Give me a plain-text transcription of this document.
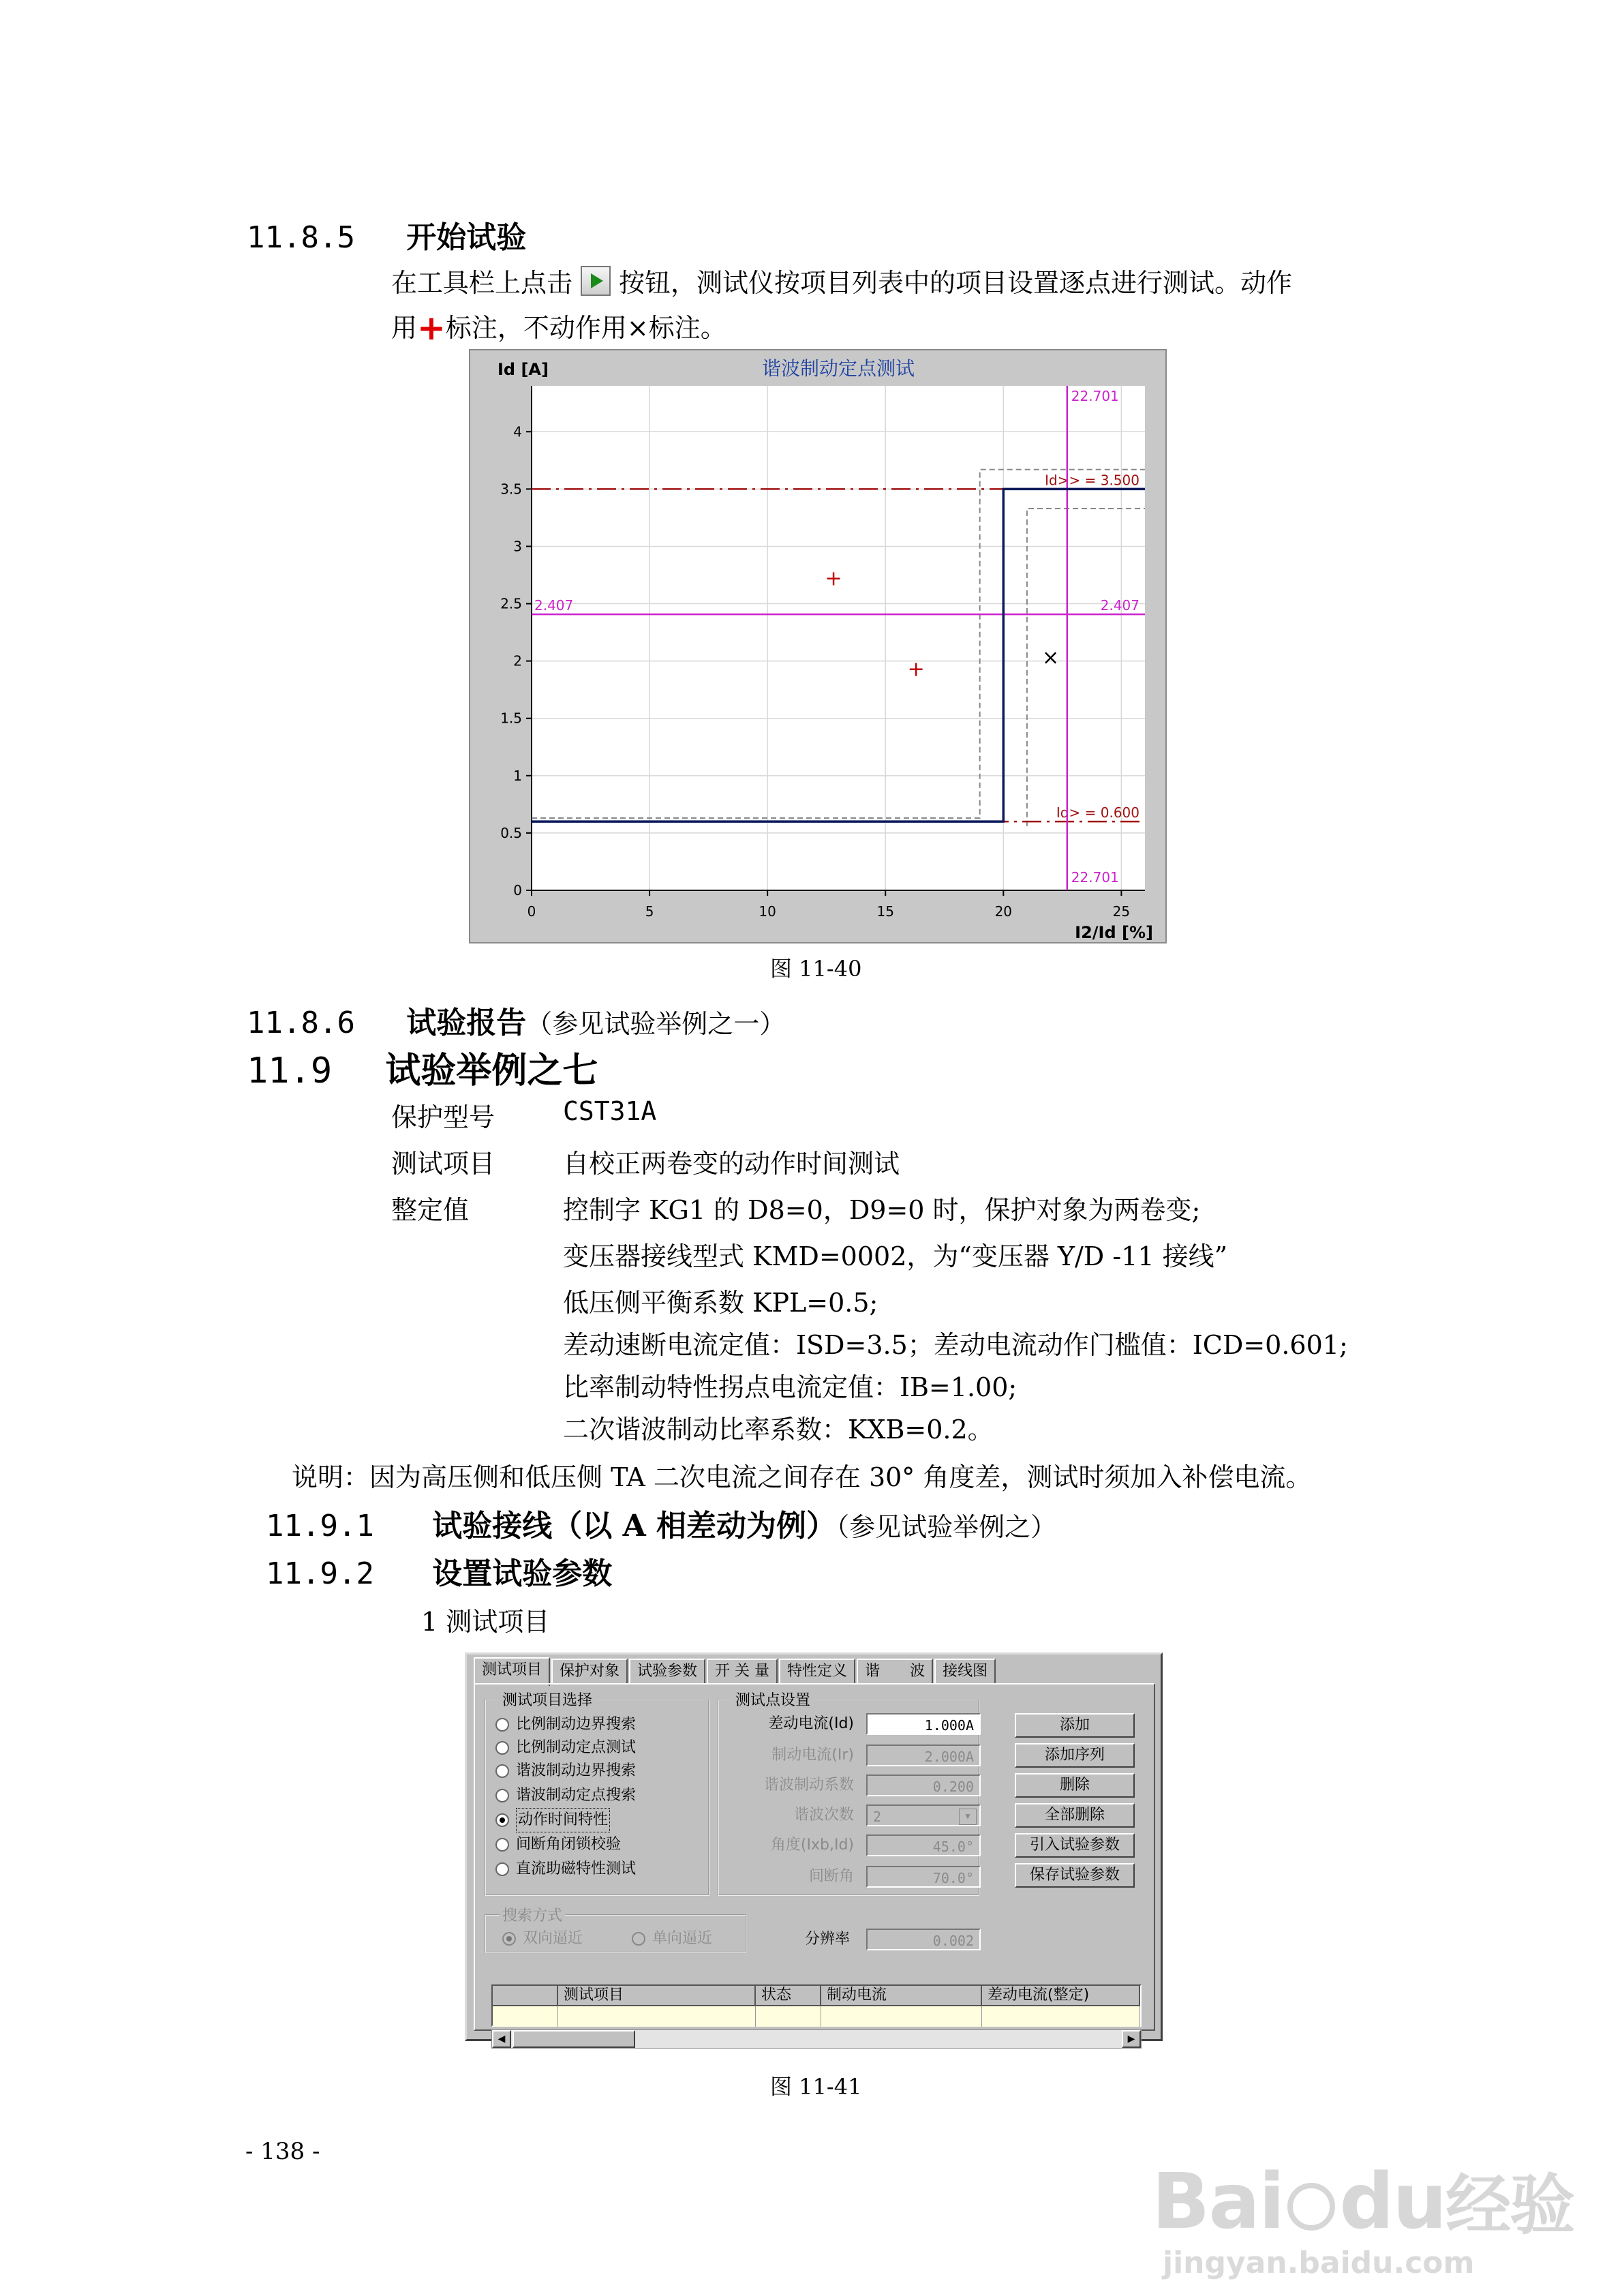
11.8.5 开始试验
在工具栏上点击 按钮，测试仪按项目列表中的项目设置逐点进行测试。动作
用+标注，不动作用×标注。
0	5	10	15	20	25
0
0.5
1
1.5
2
2.5
3
3.5
4
Id [A]	谐波制动定点测试
I2/Id [%]
Id>> = 3.500
Id> = 0.600
2.407	2.407
22.701
22.701
+
+	×
图 11-40
11.8.6 试验报告（参见试验举例之一）
11.9 试验举例之七
保护型号	CST31A
测试项目	自校正两卷变的动作时间测试
整定值	控制字 KG1 的 D8=0，D9=0 时，保护对象为两卷变;
变压器接线型式 KMD=0002，为“变压器 Y/D -11 接线”
低压侧平衡系数 KPL=0.5;
差动速断电流定值：ISD=3.5；差动电流动作门槛值：ICD=0.601;
比率制动特性拐点电流定值：IB=1.00;
二次谐波制动比率系数：KXB=0.2。
说明：因为高压侧和低压侧 TA 二次电流之间存在 30° 角度差，测试时须加入补偿电流。
11.9.1 试验接线（以 A 相差动为例）（参见试验举例之）
11.9.2 设置试验参数
1 测试项目
测试项目	保护对象	试验参数	开 关 量	特性定义	谐　　波	接线图
测试项目选择
比例制动边界搜索
比例制动定点测试
谐波制动边界搜索
谐波制动定点搜索
动作时间特性
间断角闭锁校验
直流助磁特性测试
测试点设置
差动电流(Id)	1.000A
制动电流(Ir)	2.000A
谐波制动系数	0.200
谐波次数	2	▼
角度(Ixb,Id)	45.0°
间断角	70.0°
搜索方式
双向逼近	单向逼近	分辨率	0.002
添加
添加序列
删除
全部删除
引入试验参数
保存试验参数
测试项目	状态	制动电流	差动电流(整定)
◀	▶
图 11-41
- 138 -
Bai du经验
jingyan.baidu.com
